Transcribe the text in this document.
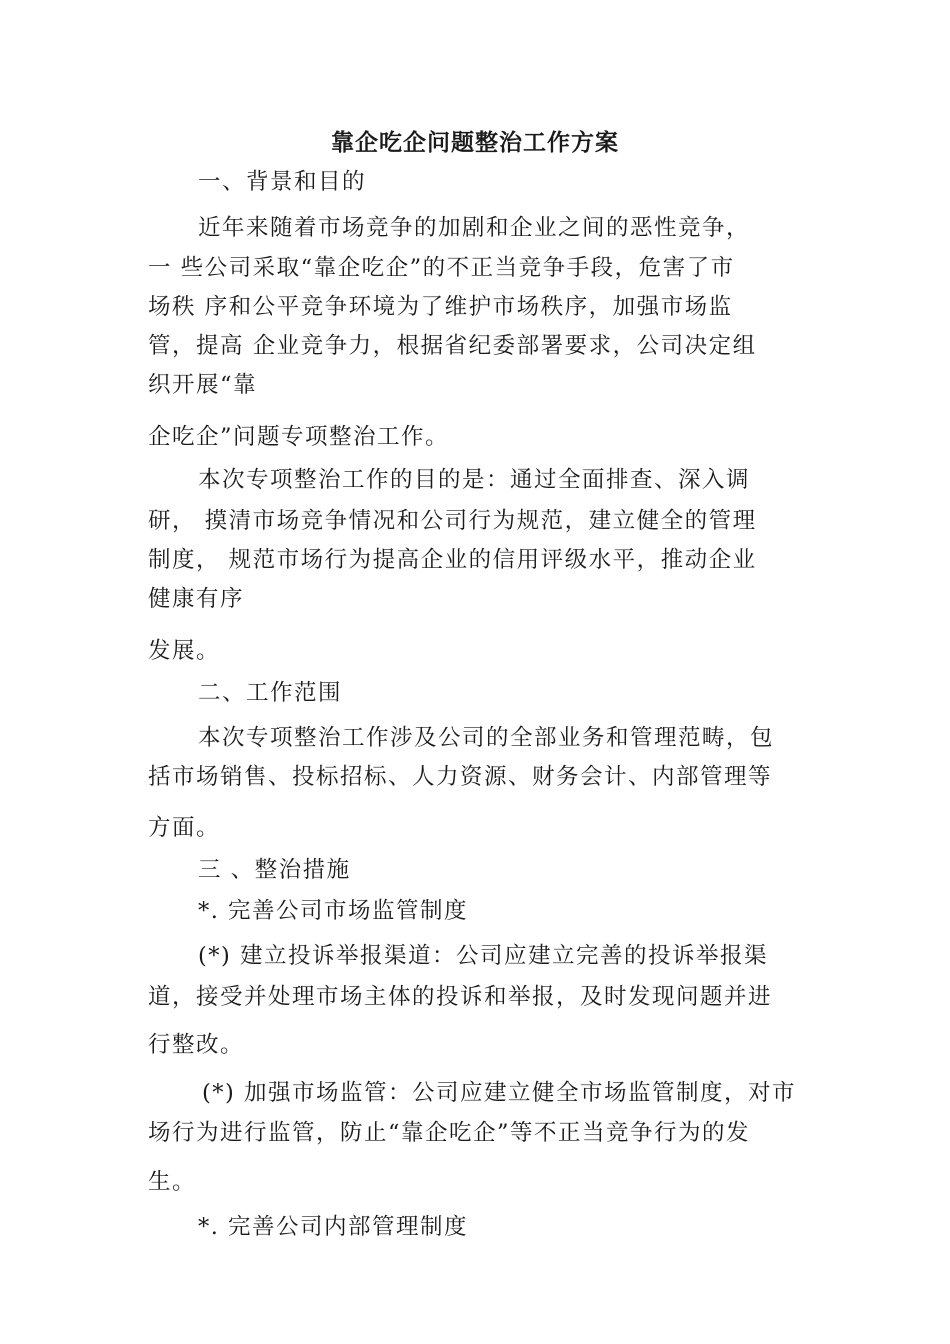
靠企吃企问题整治工作方案
一、背景和目的
近年来随着市场竞争的加剧和企业之间的恶性竞争，
一 些公司采取“靠企吃企”的不正当竞争手段，危害了市
场秩 序和公平竞争环境为了维护市场秩序，加强市场监
管，提高 企业竞争力，根据省纪委部署要求，公司决定组
织开展“靠
企吃企”问题专项整治工作。
本次专项整治工作的目的是：通过全面排查、深入调
研， 摸清市场竞争情况和公司行为规范，建立健全的管理
制度， 规范市场行为提高企业的信用评级水平，推动企业
健康有序
发展。
二、工作范围
本次专项整治工作涉及公司的全部业务和管理范畴，包
括市场销售、投标招标、人力资源、财务会计、内部管理等
方面。
三 、整治措施
*. 完善公司市场监管制度
(*) 建立投诉举报渠道：公司应建立完善的投诉举报渠
道，接受并处理市场主体的投诉和举报，及时发现问题并进
行整改。
(*) 加强市场监管：公司应建立健全市场监管制度，对市
场行为进行监管，防止“靠企吃企”等不正当竞争行为的发
生。
*. 完善公司内部管理制度
